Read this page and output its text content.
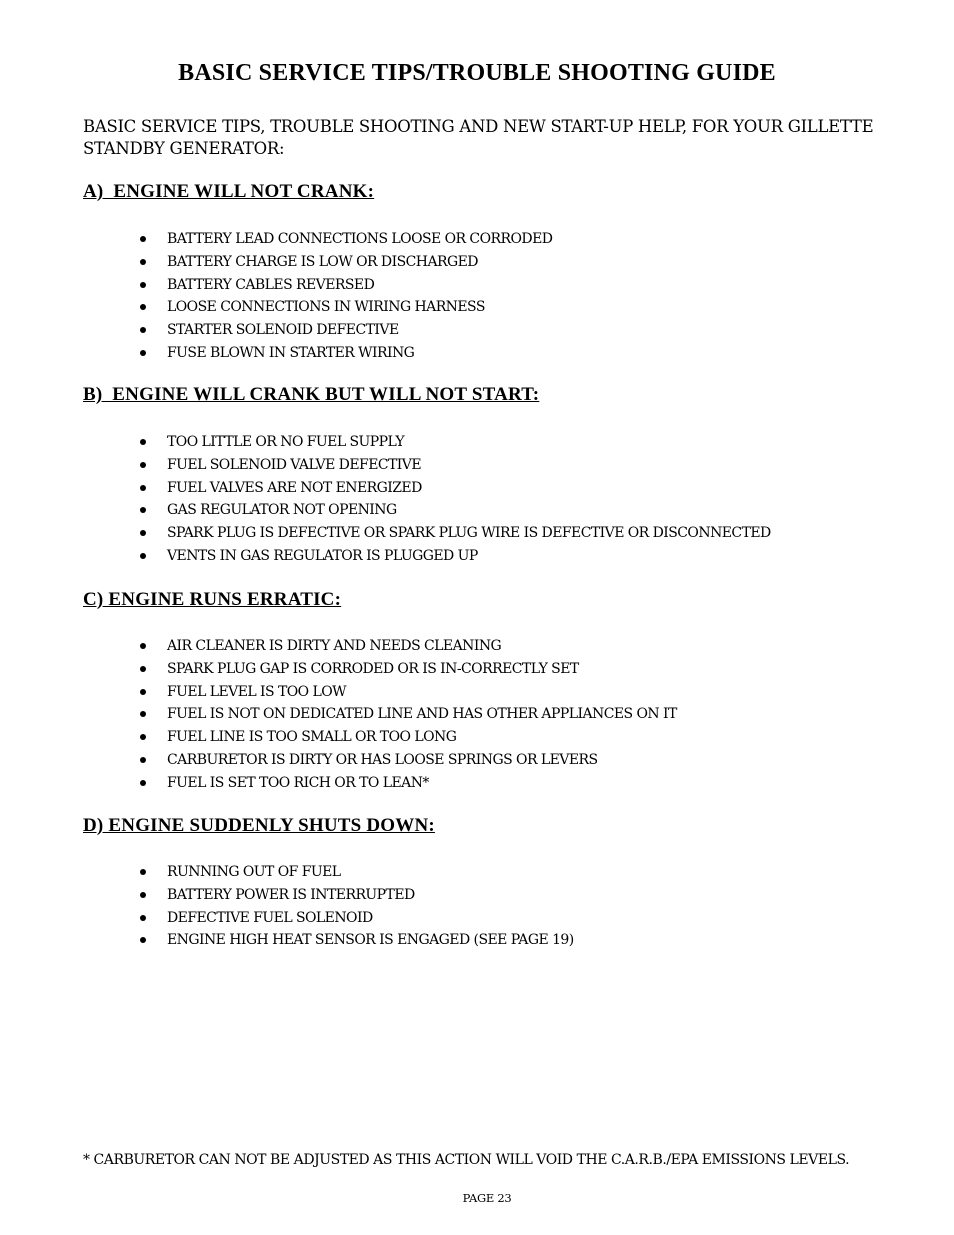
BASIC SERVICE TIPS/TROUBLE SHOOTING GUIDE
BASIC SERVICE TIPS, TROUBLE SHOOTING AND NEW START-UP HELP, FOR YOUR GILLETTE STANDBY GENERATOR:
A)  ENGINE WILL NOT CRANK:
BATTERY LEAD CONNECTIONS LOOSE OR CORRODED
BATTERY CHARGE IS LOW OR DISCHARGED
BATTERY CABLES REVERSED
LOOSE CONNECTIONS IN WIRING HARNESS
STARTER SOLENOID DEFECTIVE
FUSE BLOWN IN STARTER WIRING
B)  ENGINE WILL CRANK BUT WILL NOT START:
TOO LITTLE OR NO FUEL SUPPLY
FUEL SOLENOID VALVE DEFECTIVE
FUEL VALVES ARE NOT ENERGIZED
GAS REGULATOR NOT OPENING
SPARK PLUG IS DEFECTIVE OR SPARK PLUG WIRE IS DEFECTIVE OR DISCONNECTED
VENTS IN GAS REGULATOR IS PLUGGED UP
C) ENGINE RUNS ERRATIC:
AIR CLEANER IS DIRTY AND NEEDS CLEANING
SPARK PLUG GAP IS CORRODED OR IS IN-CORRECTLY SET
FUEL LEVEL IS TOO LOW
FUEL IS NOT ON DEDICATED LINE AND HAS OTHER APPLIANCES ON IT
FUEL LINE IS TOO SMALL OR TOO LONG
CARBURETOR IS DIRTY OR HAS LOOSE SPRINGS OR LEVERS
FUEL IS SET TOO RICH OR TO LEAN*
D) ENGINE SUDDENLY SHUTS DOWN:
RUNNING OUT OF FUEL
BATTERY POWER IS INTERRUPTED
DEFECTIVE FUEL SOLENOID
ENGINE HIGH HEAT SENSOR IS ENGAGED (SEE PAGE 19)
* CARBURETOR CAN NOT BE ADJUSTED AS THIS ACTION WILL VOID THE C.A.R.B./EPA EMISSIONS LEVELS.
PAGE 23
